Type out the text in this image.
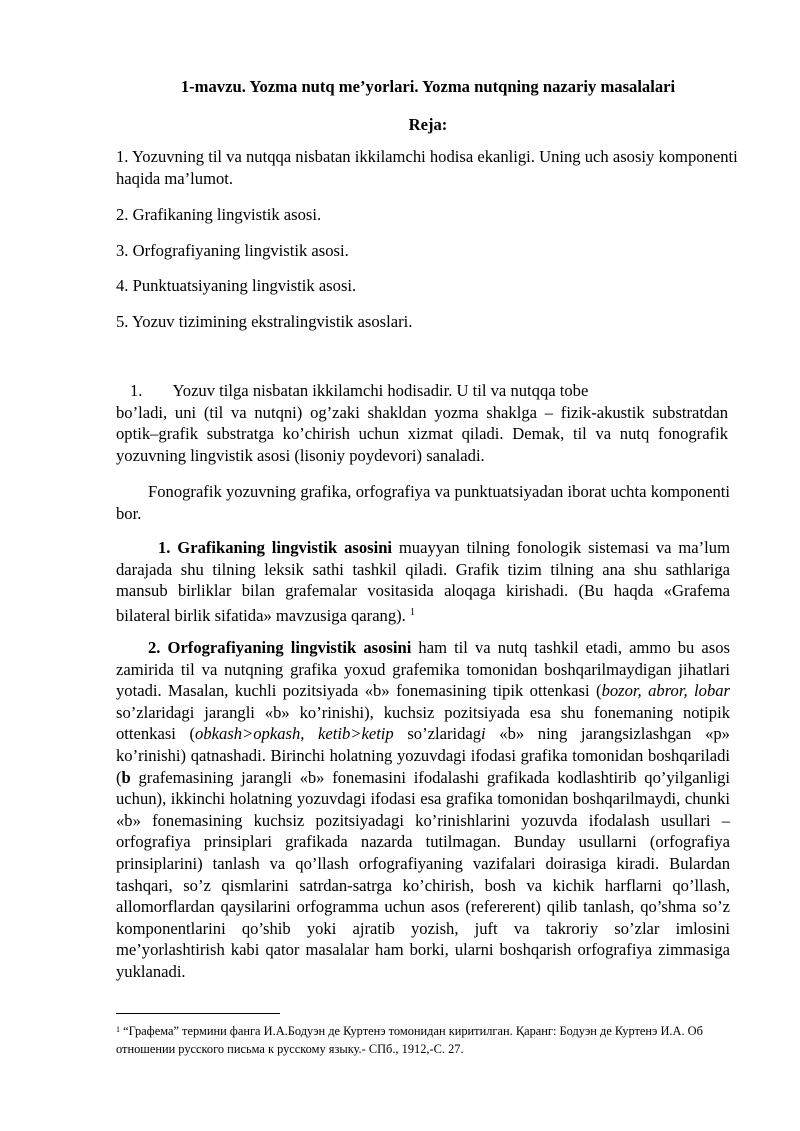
1-mavzu. Yozma nutq me’yorlari. Yozma nutqning nazariy masalalari
Reja:
1. Yozuvning til va nutqqa nisbatan ikkilamchi hodisa ekanligi. Uning uch asosiy komponenti haqida ma’lumot.
2. Grafikaning lingvistik asosi.
3. Orfografiyaning lingvistik asosi.
4. Punktuatsiyaning lingvistik asosi.
5. Yozuv tizimining ekstralingvistik asoslari.
1. Yozuv tilga nisbatan ikkilamchi hodisadir. U til va nutqqa tobe
bo’ladi, uni (til va nutqni) og’zaki shakldan yozma shaklga – fizik-akustik substratdan optik–grafik substratga ko’chirish uchun xizmat qiladi. Demak, til va nutq fonografik yozuvning lingvistik asosi (lisoniy poydevori) sanaladi.
Fonografik yozuvning grafika, orfografiya va punktuatsiyadan iborat uchta komponenti bor.
1. Grafikaning lingvistik asosini muayyan tilning fonologik sistemasi va ma’lum darajada shu tilning leksik sathi tashkil qiladi. Grafik tizim tilning ana shu sathlariga mansub birliklar bilan grafemalar vositasida aloqaga kirishadi. (Bu haqda «Grafema bilateral birlik sifatida» mavzusiga qarang). $^1$
2. Orfografiyaning lingvistik asosini ham til va nutq tashkil etadi, ammo bu asos zamirida til va nutqning grafika yoxud grafemika tomonidan boshqarilmaydigan jihatlari yotadi. Masalan, kuchli pozitsiyada «b» fonemasining tipik ottenkasi (bozor, abror, lobar so’zlaridagi jarangli «b» ko’rinishi), kuchsiz pozitsiyada esa shu fonemaning notipik ottenkasi (obkash>opkash, ketib>ketip so’zlaridagi «b» ning jarangsizlashgan «p» ko’rinishi) qatnashadi. Birinchi holatning yozuvdagi ifodasi grafika tomonidan boshqariladi (b grafemasining jarangli «b» fonemasini ifodalashi grafikada kodlashtirib qo’yilganligi uchun), ikkinchi holatning yozuvdagi ifodasi esa grafika tomonidan boshqarilmaydi, chunki «b» fonemasining kuchsiz pozitsiyadagi ko’rinishlarini yozuvda ifodalash usullari – orfografiya prinsiplari grafikada nazarda tutilmagan. Bunday usullarni (orfografiya prinsiplarini) tanlash va qo’llash orfografiyaning vazifalari doirasiga kiradi. Bulardan tashqari, so’z qismlarini satrdan-satrga ko’chirish, bosh va kichik harflarni qo’llash, allomorflardan qaysilarini orfogramma uchun asos (refererent) qilib tanlash, qo’shma so’z komponentlarini qo’shib yoki ajratib yozish, juft va takroriy so’zlar imlosini me’yorlashtirish kabi qator masalalar ham borki, ularni boshqarish orfografiya zimmasiga yuklanadi.
$^1$ “Графема” термини фанга И.А.Бодуэн де Куртенэ томонидан киритилган. Қаранг: Бодуэн де Куртенэ И.А. Об отношении русского письма к русскому языку.- СПб., 1912,-С. 27.
